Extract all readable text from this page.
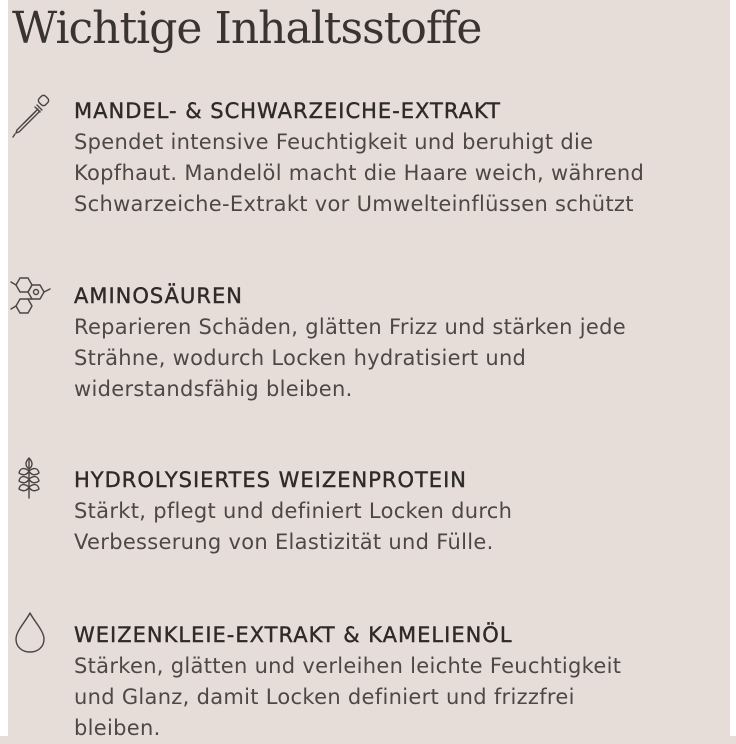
Wichtige Inhaltsstoffe
MANDEL- & SCHWARZEICHE-EXTRAKT
Spendet intensive Feuchtigkeit und beruhigt die
Kopfhaut. Mandelöl macht die Haare weich, während
Schwarzeiche-Extrakt vor Umwelteinflüssen schützt
AMINOSÄUREN
Reparieren Schäden, glätten Frizz und stärken jede
Strähne, wodurch Locken hydratisiert und
widerstandsfähig bleiben.
HYDROLYSIERTES WEIZENPROTEIN
Stärkt, pflegt und definiert Locken durch
Verbesserung von Elastizität und Fülle.
WEIZENKLEIE-EXTRAKT & KAMELIENÖL
Stärken, glätten und verleihen leichte Feuchtigkeit
und Glanz, damit Locken definiert und frizzfrei
bleiben.
